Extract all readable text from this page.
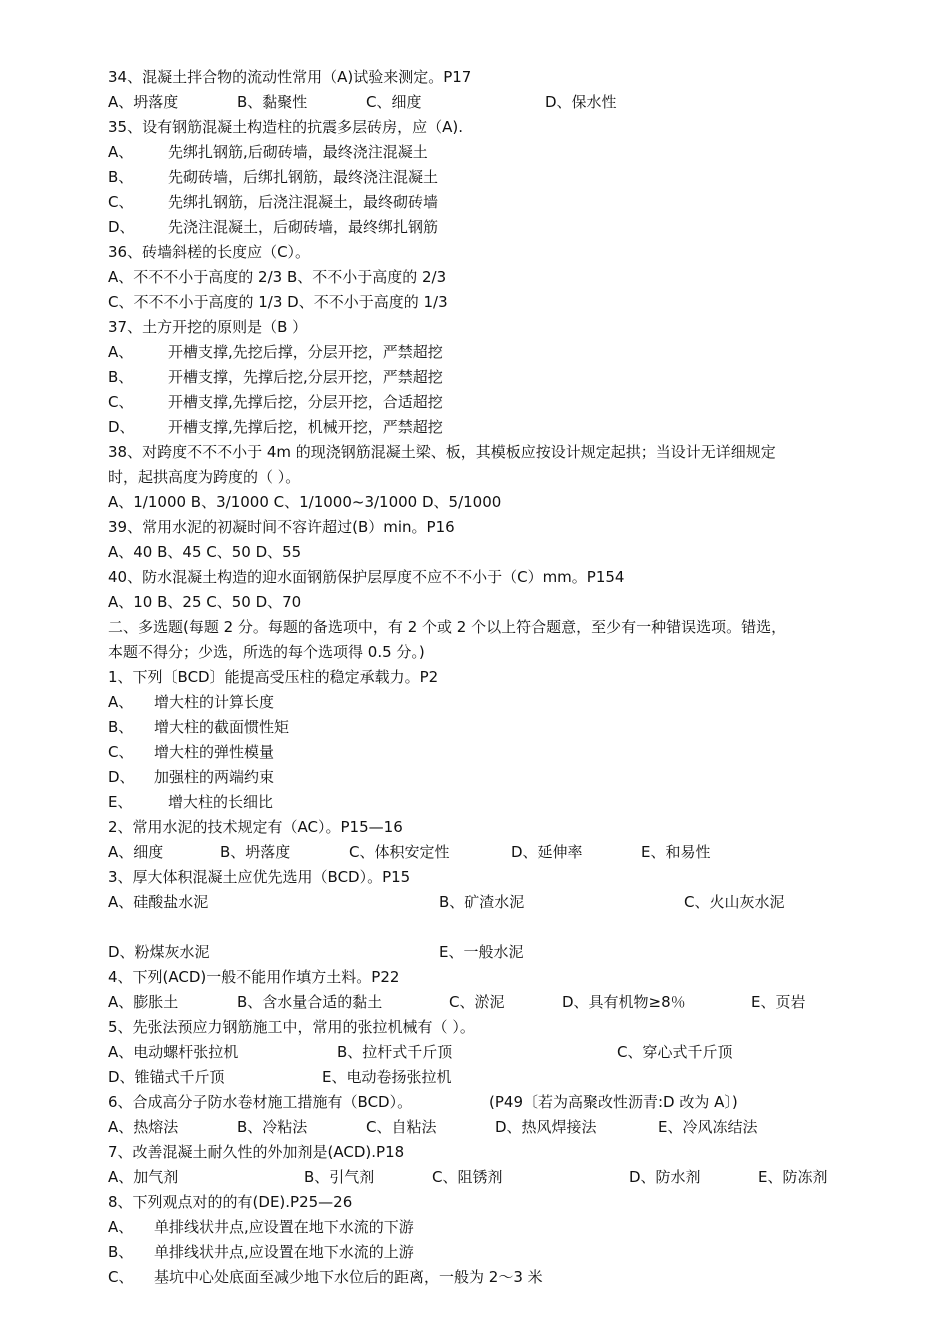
34、混凝土拌合物的流动性常用（A)试验来测定。P17
A、坍落度	B、黏聚性	C、细度	D、保水性
35、设有钢筋混凝土构造柱的抗震多层砖房，应（A).
A、 先绑扎钢筋,后砌砖墙，最终浇注混凝土
B、 先砌砖墙，后绑扎钢筋，最终浇注混凝土
C、 先绑扎钢筋，后浇注混凝土，最终砌砖墙
D、 先浇注混凝土，后砌砖墙，最终绑扎钢筋
36、砖墙斜槎的长度应（C）。
A、不不不小于高度的 2/3 B、不不小于高度的 2/3
C、不不不小于高度的 1/3 D、不不小于高度的 1/3
37、土方开挖的原则是（B ）
A、 开槽支撑,先挖后撑，分层开挖，严禁超挖
B、 开槽支撑，先撑后挖,分层开挖，严禁超挖
C、 开槽支撑,先撑后挖，分层开挖，合适超挖
D、 开槽支撑,先撑后挖，机械开挖，严禁超挖
38、对跨度不不不小于 4m 的现浇钢筋混凝土梁、板，其模板应按设计规定起拱；当设计无详细规定
时，起拱高度为跨度的（ ）。
A、1/1000 B、3/1000 C、1/1000~3/1000 D、5/1000
39、常用水泥的初凝时间不容许超过(B）min。P16
A、40 B、45 C、50 D、55
40、防水混凝土构造的迎水面钢筋保护层厚度不应不不小于（C）mm。P154
A、10 B、25 C、50 D、70
二、多选题(每题 2 分。每题的备选项中，有 2 个或 2 个以上符合题意，至少有一种错误选项。错选，
本题不得分；少选，所选的每个选项得 0.5 分。)
1、下列〔BCD〕能提高受压柱的稳定承载力。P2
A、 增大柱的计算长度
B、 增大柱的截面惯性矩
C、 增大柱的弹性模量
D、 加强柱的两端约束
E、 增大柱的长细比
2、常用水泥的技术规定有（AC）。P15—16
A、细度	B、坍落度	C、体积安定性	D、延伸率	E、和易性
3、厚大体积混凝土应优先选用（BCD）。P15
A、硅酸盐水泥	B、矿渣水泥	C、火山灰水泥
D、粉煤灰水泥	E、一般水泥
4、下列(ACD)一般不能用作填方土料。P22
A、膨胀土	B、含水量合适的黏土	C、淤泥	D、具有机物≥8％	E、页岩
5、先张法预应力钢筋施工中，常用的张拉机械有（ ）。
A、电动螺杆张拉机	B、拉杆式千斤顶	C、穿心式千斤顶
D、锥锚式千斤顶	E、电动卷扬张拉机
6、合成高分子防水卷材施工措施有（BCD）。	(P49〔若为高聚改性沥青:D 改为 A〕)
A、热熔法	B、冷粘法	C、自粘法	D、热风焊接法	E、冷风冻结法
7、改善混凝土耐久性的外加剂是(ACD).P18
A、加气剂	B、引气剂	C、阻锈剂	D、防水剂	E、防冻剂
8、下列观点对的的有(DE).P25—26
A、 单排线状井点,应设置在地下水流的下游
B、 单排线状井点,应设置在地下水流的上游
C、 基坑中心处底面至减少地下水位后的距离，一般为 2～3 米
